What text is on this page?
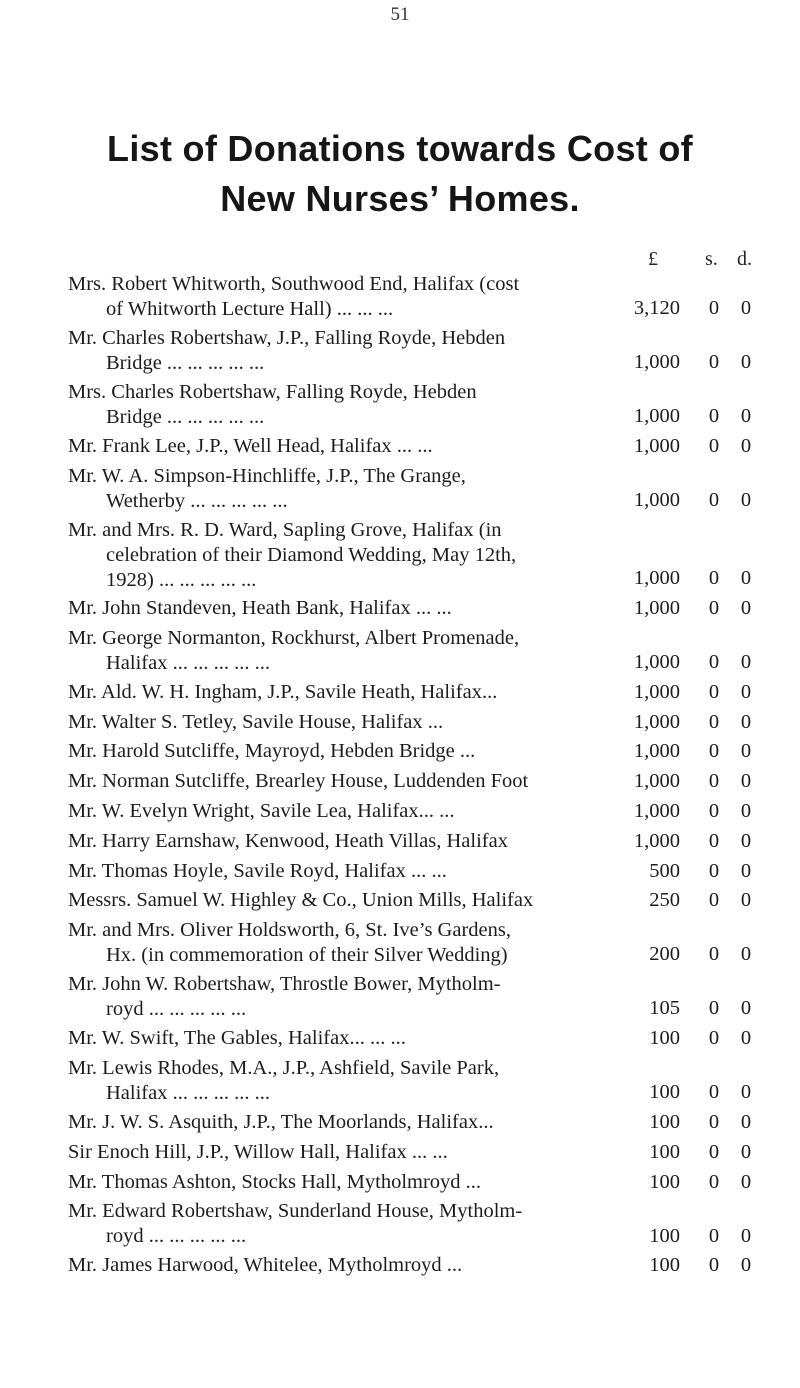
51
List of Donations towards Cost of
New Nurses’ Homes.
£ s. d.
Mrs. Robert Whitworth, Southwood End, Halifax (cost
of Whitworth Lecture Hall) ... ... ...	3,120 0 0
Mr. Charles Robertshaw, J.P., Falling Royde, Hebden
Bridge ... ... ... ... ...	1,000 0 0
Mrs. Charles Robertshaw, Falling Royde, Hebden
Bridge ... ... ... ... ...	1,000 0 0
Mr. Frank Lee, J.P., Well Head, Halifax ... ...	1,000 0 0
Mr. W. A. Simpson-Hinchliffe, J.P., The Grange,
Wetherby ... ... ... ... ...	1,000 0 0
Mr. and Mrs. R. D. Ward, Sapling Grove, Halifax (in
celebration of their Diamond Wedding, May 12th,
1928) ... ... ... ... ...	1,000 0 0
Mr. John Standeven, Heath Bank, Halifax ... ...	1,000 0 0
Mr. George Normanton, Rockhurst, Albert Promenade,
Halifax ... ... ... ... ...	1,000 0 0
Mr. Ald. W. H. Ingham, J.P., Savile Heath, Halifax...	1,000 0 0
Mr. Walter S. Tetley, Savile House, Halifax ...	1,000 0 0
Mr. Harold Sutcliffe, Mayroyd, Hebden Bridge ...	1,000 0 0
Mr. Norman Sutcliffe, Brearley House, Luddenden Foot	1,000 0 0
Mr. W. Evelyn Wright, Savile Lea, Halifax... ...	1,000 0 0
Mr. Harry Earnshaw, Kenwood, Heath Villas, Halifax	1,000 0 0
Mr. Thomas Hoyle, Savile Royd, Halifax ... ...	500 0 0
Messrs. Samuel W. Highley & Co., Union Mills, Halifax	250 0 0
Mr. and Mrs. Oliver Holdsworth, 6, St. Ive’s Gardens,
Hx. (in commemoration of their Silver Wedding)	200 0 0
Mr. John W. Robertshaw, Throstle Bower, Mytholm-
royd ... ... ... ... ...	105 0 0
Mr. W. Swift, The Gables, Halifax... ... ...	100 0 0
Mr. Lewis Rhodes, M.A., J.P., Ashfield, Savile Park,
Halifax ... ... ... ... ...	100 0 0
Mr. J. W. S. Asquith, J.P., The Moorlands, Halifax...	100 0 0
Sir Enoch Hill, J.P., Willow Hall, Halifax ... ...	100 0 0
Mr. Thomas Ashton, Stocks Hall, Mytholmroyd ...	100 0 0
Mr. Edward Robertshaw, Sunderland House, Mytholm-
royd ... ... ... ... ...	100 0 0
Mr. James Harwood, Whitelee, Mytholmroyd ...	100 0 0
